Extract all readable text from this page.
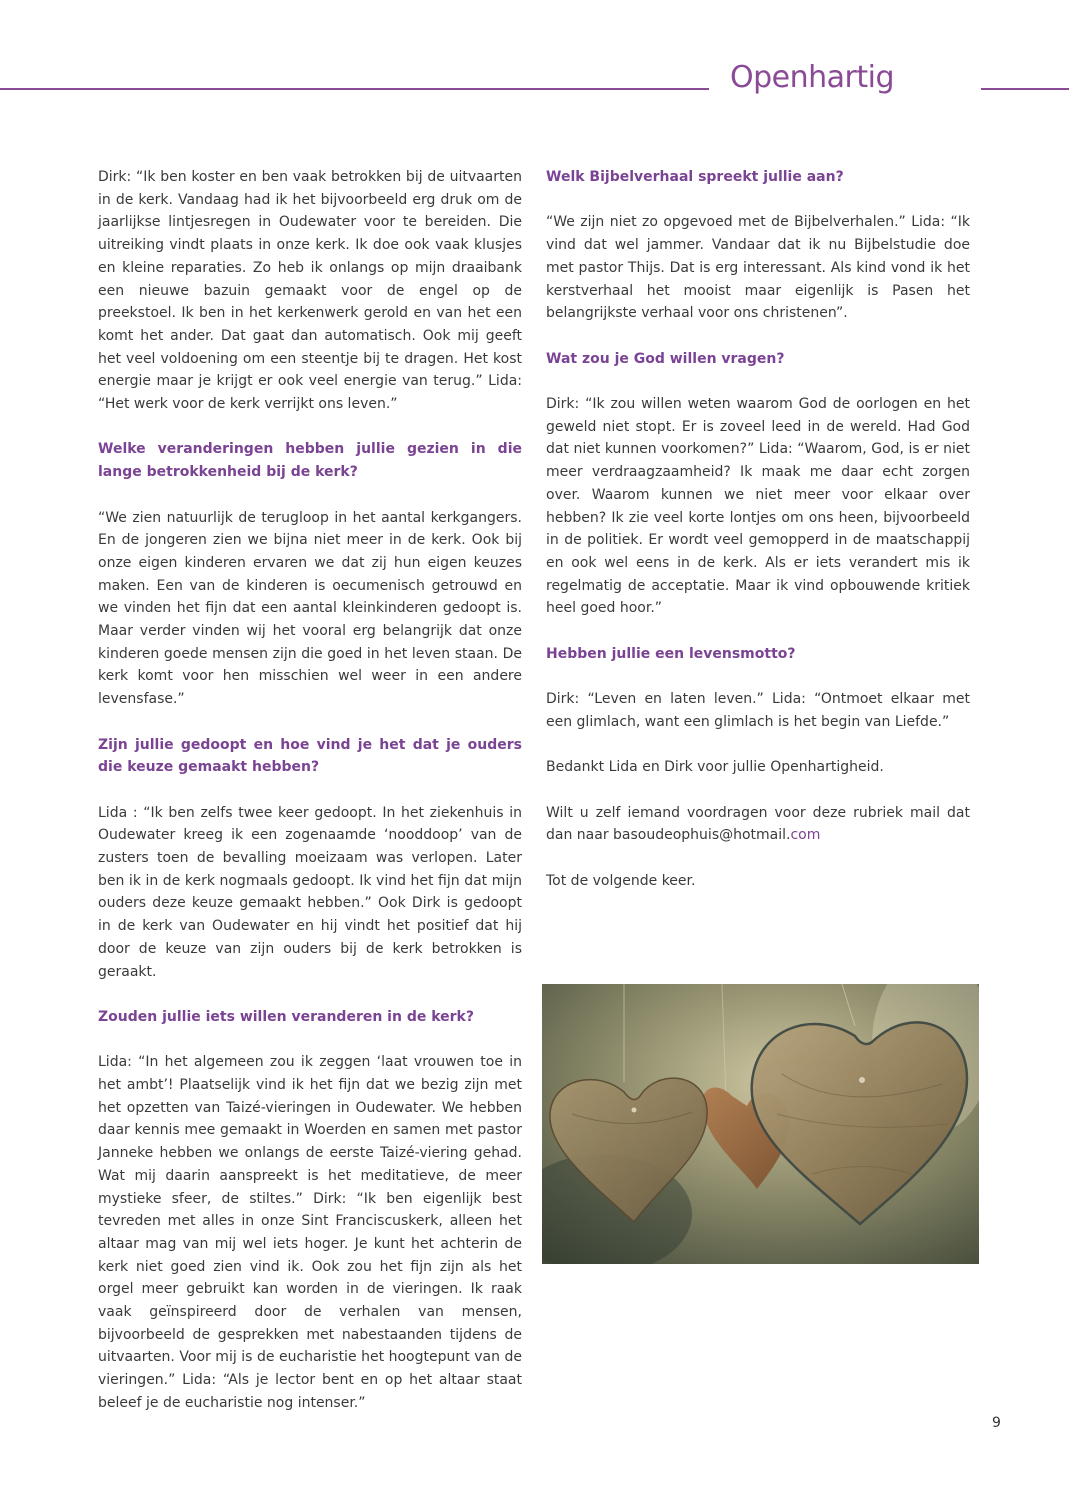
Openhartig

Dirk: “Ik ben koster en ben vaak betrokken bij de uitvaarten in de kerk. Vandaag had ik het bijvoorbeeld erg druk om de jaarlijkse lintjesregen in Oudewater voor te bereiden. Die uitreiking vindt plaats in onze kerk. Ik doe ook vaak klusjes en kleine reparaties. Zo heb ik onlangs op mijn draaibank een nieuwe bazuin gemaakt voor de engel op de preekstoel. Ik ben in het kerkenwerk gerold en van het een komt het ander. Dat gaat dan automatisch. Ook mij geeft het veel voldoening om een steentje bij te dragen. Het kost energie maar je krijgt er ook veel energie van terug.” Lida: “Het werk voor de kerk verrijkt ons leven.”

Welke veranderingen hebben jullie gezien in die lange betrokkenheid bij de kerk?

“We zien natuurlijk de terugloop in het aantal kerkgangers. En de jongeren zien we bijna niet meer in de kerk. Ook bij onze eigen kinderen ervaren we dat zij hun eigen keuzes maken. Een van de kinderen is oecumenisch getrouwd en we vinden het fijn dat een aantal kleinkinderen gedoopt is. Maar verder vinden wij het vooral erg belangrijk dat onze kinderen goede mensen zijn die goed in het leven staan. De kerk komt voor hen misschien wel weer in een andere levensfase.”

Zijn jullie gedoopt en hoe vind je het dat je ouders die keuze gemaakt hebben?

Lida : “Ik ben zelfs twee keer gedoopt. In het ziekenhuis in Oudewater kreeg ik een zogenaamde ‘nooddoop’ van de zusters toen de bevalling moeizaam was verlopen. Later ben ik in de kerk nogmaals gedoopt. Ik vind het fijn dat mijn ouders deze keuze gemaakt hebben.” Ook Dirk is gedoopt in de kerk van Oudewater en hij vindt het positief dat hij door de keuze van zijn ouders bij de kerk betrokken is geraakt.

Zouden jullie iets willen veranderen in de kerk?

Lida: “In het algemeen zou ik zeggen ‘laat vrouwen toe in het ambt’! Plaatselijk vind ik het fijn dat we bezig zijn met het opzetten van Taizé-vieringen in Oudewater. We hebben daar kennis mee gemaakt in Woerden en samen met pastor Janneke hebben we onlangs de eerste Taizé-viering gehad. Wat mij daarin aanspreekt is het meditatieve, de meer mystieke sfeer, de stiltes.” Dirk: “Ik ben eigenlijk best tevreden met alles in onze Sint Franciscuskerk, alleen het altaar mag van mij wel iets hoger. Je kunt het achterin de kerk niet goed zien vind ik. Ook zou het fijn zijn als het orgel meer gebruikt kan worden in de vieringen. Ik raak vaak geïnspireerd door de verhalen van mensen, bijvoorbeeld de gesprekken met nabestaanden tijdens de uitvaarten. Voor mij is de eucharistie het hoogtepunt van de vieringen.” Lida: “Als je lector bent en op het altaar staat beleef je de eucharistie nog intenser.”

Welk Bijbelverhaal spreekt jullie aan?

“We zijn niet zo opgevoed met de Bijbelverhalen.” Lida: “Ik vind dat wel jammer. Vandaar dat ik nu Bijbelstudie doe met pastor Thijs. Dat is erg interessant. Als kind vond ik het kerstverhaal het mooist maar eigenlijk is Pasen het belangrijkste verhaal voor ons christenen”.

Wat zou je God willen vragen?

Dirk: “Ik zou willen weten waarom God de oorlogen en het geweld niet stopt. Er is zoveel leed in de wereld. Had God dat niet kunnen voorkomen?” Lida: “Waarom, God, is er niet meer verdraagzaamheid? Ik maak me daar echt zorgen over. Waarom kunnen we niet meer voor elkaar over hebben? Ik zie veel korte lontjes om ons heen, bijvoorbeeld in de politiek. Er wordt veel gemopperd in de maatschappij en ook wel eens in de kerk. Als er iets verandert mis ik regelmatig de acceptatie. Maar ik vind opbouwende kritiek heel goed hoor.”

Hebben jullie een levensmotto?

Dirk: “Leven en laten leven.” Lida: “Ontmoet elkaar met een glimlach, want een glimlach is het begin van Liefde.”

Bedankt Lida en Dirk voor jullie Openhartigheid.

Wilt u zelf iemand voordragen voor deze rubriek mail dat dan naar basoudeophuis@hotmail.com

Tot de volgende keer.

9
